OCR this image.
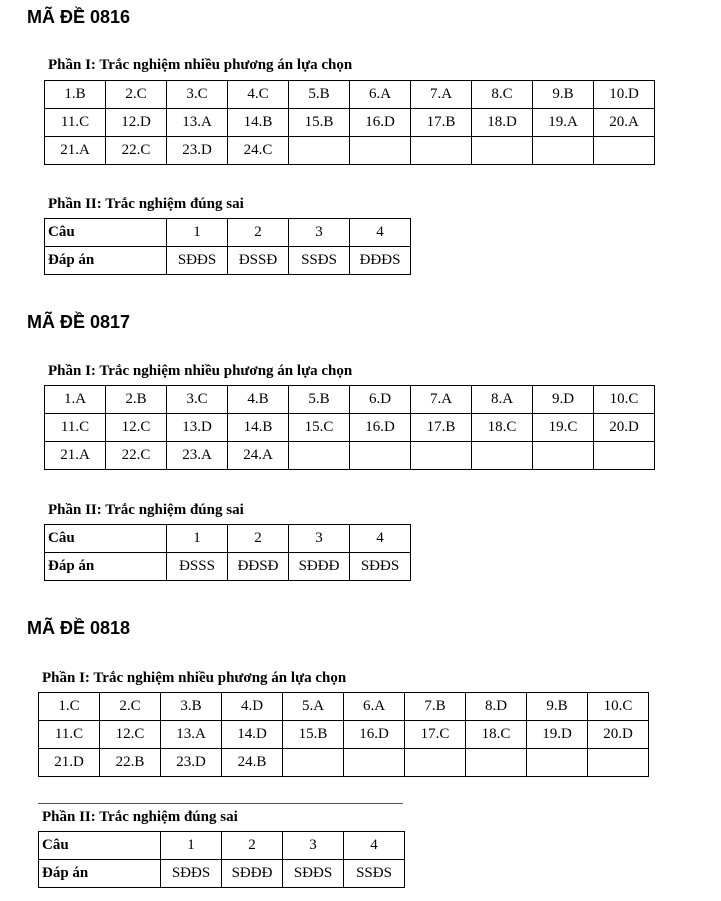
MÃ ĐỀ 0816
Phần I: Trắc nghiệm nhiều phương án lựa chọn
1.B	2.C	3.C	4.C	5.B	6.A	7.A	8.C	9.B	10.D
11.C	12.D	13.A	14.B	15.B	16.D	17.B	18.D	19.A	20.A
21.A	22.C	23.D	24.C						
Phần II: Trắc nghiệm đúng sai
Câu	1	2	3	4
Đáp án	SĐĐS	ĐSSĐ	SSĐS	ĐĐĐS
MÃ ĐỀ 0817
Phần I: Trắc nghiệm nhiều phương án lựa chọn
1.A	2.B	3.C	4.B	5.B	6.D	7.A	8.A	9.D	10.C
11.C	12.C	13.D	14.B	15.C	16.D	17.B	18.C	19.C	20.D
21.A	22.C	23.A	24.A						
Phần II: Trắc nghiệm đúng sai
Câu	1	2	3	4
Đáp án	ĐSSS	ĐĐSĐ	SĐĐĐ	SĐĐS
MÃ ĐỀ 0818
Phần I: Trắc nghiệm nhiều phương án lựa chọn
1.C	2.C	3.B	4.D	5.A	6.A	7.B	8.D	9.B	10.C
11.C	12.C	13.A	14.D	15.B	16.D	17.C	18.C	19.D	20.D
21.D	22.B	23.D	24.B						
Phần II: Trắc nghiệm đúng sai
Câu	1	2	3	4
Đáp án	SĐĐS	SĐĐĐ	SĐĐS	SSĐS
